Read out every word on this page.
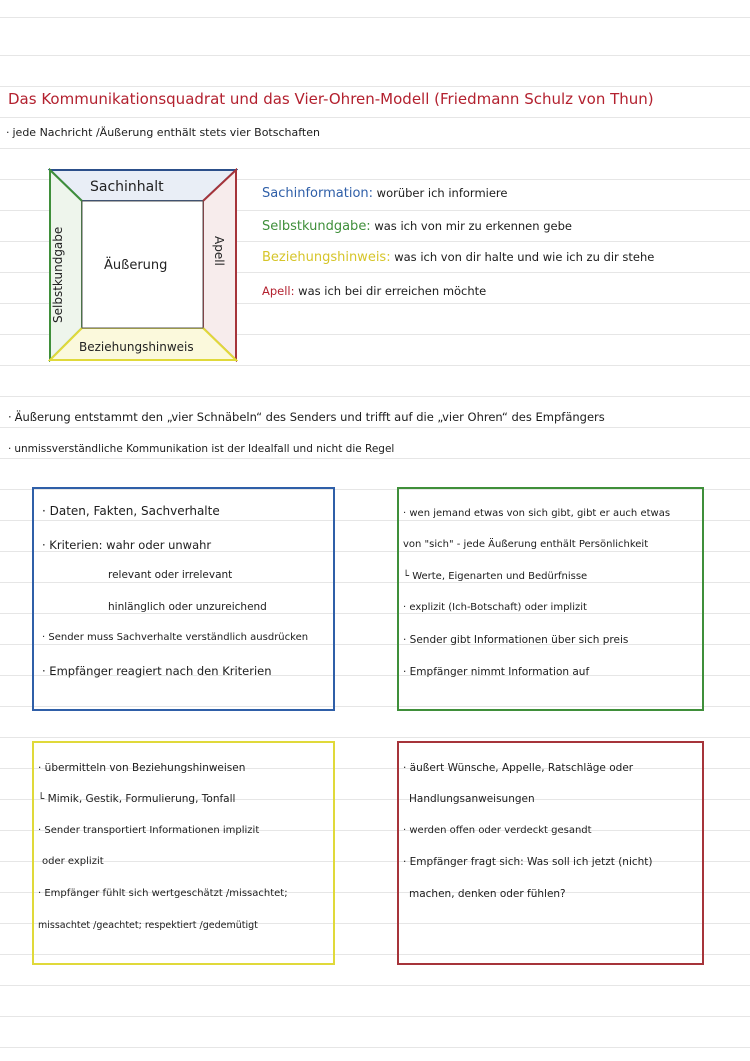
Das Kommunikationsquadrat und das Vier-Ohren-Modell (Friedmann Schulz von Thun)
· jede Nachricht /Äußerung enthält stets vier Botschaften
Sachinhalt
Äußerung
Selbstkundgabe	Apell
Beziehungshinweis
Sachinformation: worüber ich informiere
Selbstkundgabe: was ich von mir zu erkennen gebe
Beziehungshinweis: was ich von dir halte und wie ich zu dir stehe
Apell: was ich bei dir erreichen möchte
· Äußerung entstammt den „vier Schnäbeln“ des Senders und trifft auf die „vier Ohren“ des Empfängers
· unmissverständliche Kommunikation ist der Idealfall und nicht die Regel
· Daten, Fakten, Sachverhalte
· Kriterien: wahr oder unwahr
relevant oder irrelevant
hinlänglich oder unzureichend
· Sender muss Sachverhalte verständlich ausdrücken
· Empfänger reagiert nach den Kriterien
· wen jemand etwas von sich gibt, gibt er auch etwas
von "sich" - jede Äußerung enthält Persönlichkeit
└ Werte, Eigenarten und Bedürfnisse
· explizit (Ich-Botschaft) oder implizit
· Sender gibt Informationen über sich preis
· Empfänger nimmt Information auf
· übermitteln von Beziehungshinweisen
└ Mimik, Gestik, Formulierung, Tonfall
· Sender transportiert Informationen implizit
oder explizit
· Empfänger fühlt sich wertgeschätzt /missachtet;
missachtet /geachtet; respektiert /gedemütigt
· äußert Wünsche, Appelle, Ratschläge oder
Handlungsanweisungen
· werden offen oder verdeckt gesandt
· Empfänger fragt sich: Was soll ich jetzt (nicht)
machen, denken oder fühlen?
